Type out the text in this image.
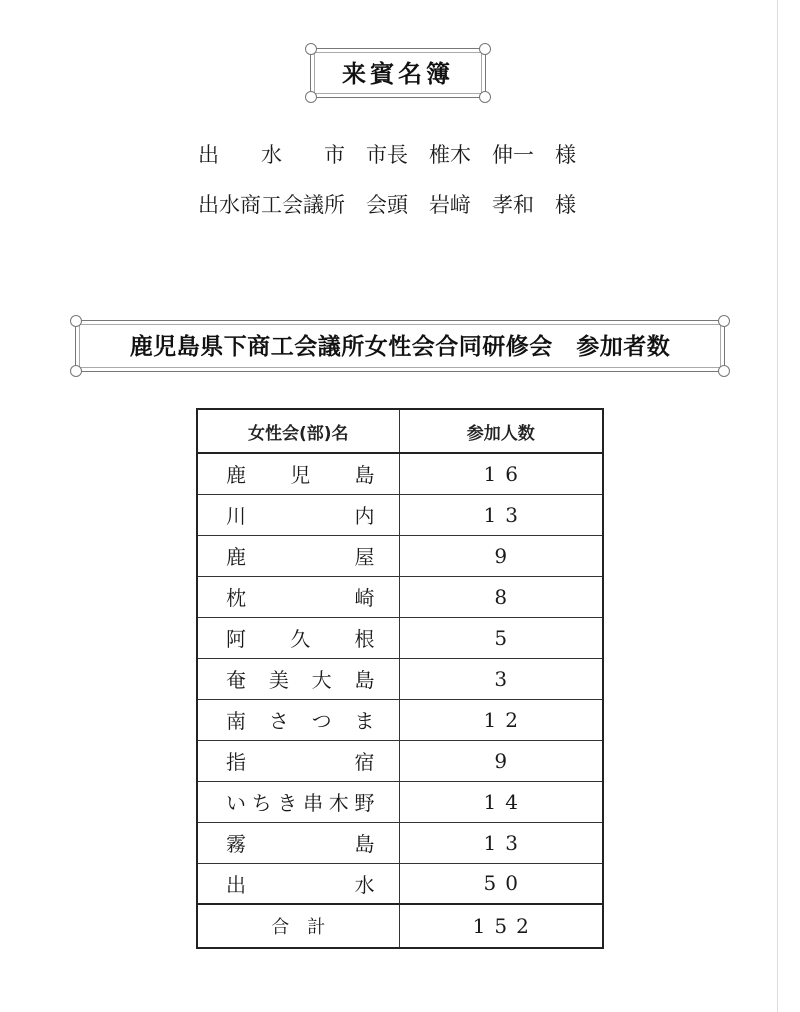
来賓名簿
出　　水　　市　 市長　 椎木　伸一　 様
出水商工会議所　 会頭　 岩﨑　孝和　 様
鹿児島県下商工会議所女性会合同研修会　参加者数
女性会(部)名	参加人数
鹿児島	16
川内	13
鹿屋	9
枕崎	8
阿久根	5
奄美大島	3
南さつま	12
指宿	9
いちき串木野	14
霧島	13
出水	50
合　計	152
